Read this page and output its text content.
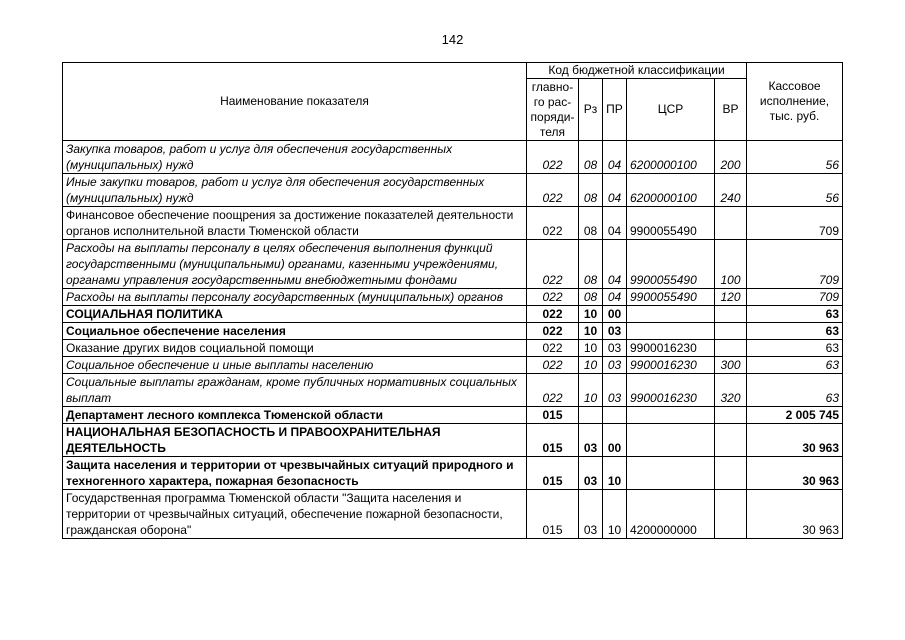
142
Наименование показателя	Код бюджетной классификации					Кассовое исполнение, тыс. руб.
	главно-го рас-поряди-теля	Рз	ПР	ЦСР	ВР	
Закупка товаров, работ и услуг для обеспечения государственных (муниципальных) нужд	022	08	04	6200000100	200	56
Иные закупки товаров, работ и услуг для обеспечения государственных (муниципальных) нужд	022	08	04	6200000100	240	56
Финансовое обеспечение поощрения за достижение показателей деятельности органов исполнительной власти Тюменской области	022	08	04	9900055490		709
Расходы на выплаты персоналу в целях обеспечения выполнения функций государственными (муниципальными) органами, казенными учреждениями, органами управления государственными внебюджетными фондами	022	08	04	9900055490	100	709
Расходы на выплаты персоналу государственных (муниципальных) органов	022	08	04	9900055490	120	709
СОЦИАЛЬНАЯ ПОЛИТИКА	022	10	00			63
Социальное обеспечение населения	022	10	03			63
Оказание других видов социальной помощи	022	10	03	9900016230		63
Социальное обеспечение и иные выплаты населению	022	10	03	9900016230	300	63
Социальные выплаты гражданам, кроме публичных нормативных социальных выплат	022	10	03	9900016230	320	63
Департамент лесного комплекса Тюменской области	015					2 005 745
НАЦИОНАЛЬНАЯ БЕЗОПАСНОСТЬ И ПРАВООХРАНИТЕЛЬНАЯ ДЕЯТЕЛЬНОСТЬ	015	03	00			30 963
Защита населения и территории от чрезвычайных ситуаций природного и техногенного характера, пожарная безопасность	015	03	10			30 963
Государственная программа Тюменской области "Защита населения и территории от чрезвычайных ситуаций, обеспечение пожарной безопасности, гражданская оборона"	015	03	10	4200000000		30 963
